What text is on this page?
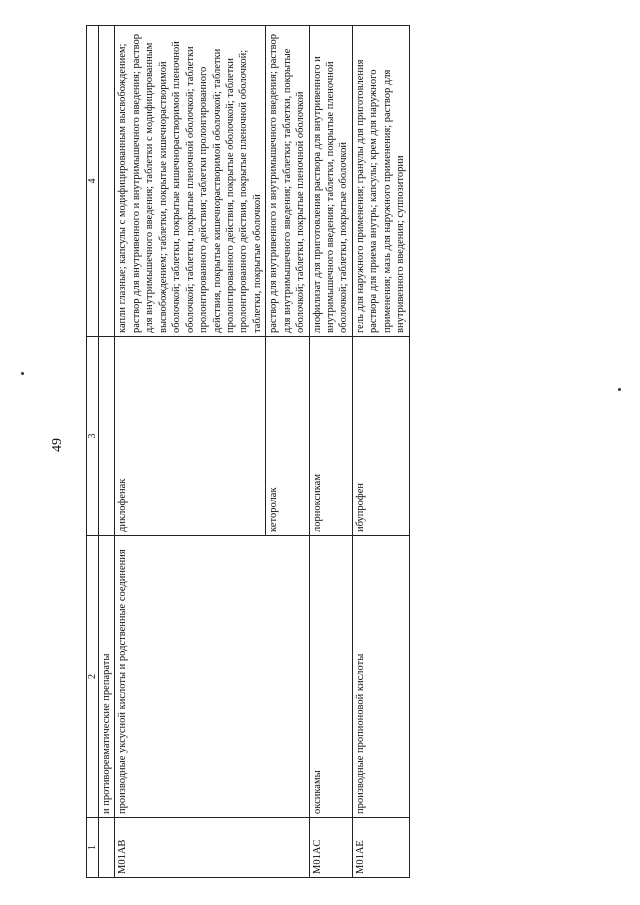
49
1	2	3	4
	и противоревматические препараты		
M01AB	производные уксусной кислоты и родственные соединения	диклофенак	капли глазные; капсулы с модифицированным высвобождением; раствор для внутривенного и внутримышечного введения; раствор для внутримышечного введения; таблетки с модифицированным высвобождением; таблетки, покрытые кишечнорастворимой оболочкой; таблетки, покрытые кишечнорастворимой пленочной оболочкой; таблетки, покрытые пленочной оболочкой; таблетки пролонгированного действия; таблетки пролонгированного действия, покрытые кишечнорастворимой оболочкой; таблетки пролонгированного действия, покрытые оболочкой; таблетки пролонгированного действия, покрытые пленочной оболочкой; таблетки, покрытые оболочкой
		кеторолак	раствор для внутривенного и внутримышечного введения; раствор для внутримышечного введения; таблетки; таблетки, покрытые оболочкой; таблетки, покрытые пленочной оболочкой
M01AC	оксикамы	лорноксикам	лиофилизат для приготовления раствора для внутривенного и внутримышечного введения; таблетки, покрытые пленочной оболочкой; таблетки, покрытые оболочкой
M01AE	производные пропионовой кислоты	ибупрофен	гель для наружного применения; гранулы для приготовления раствора для приема внутрь; капсулы; крем для наружного применения; мазь для наружного применения; раствор для внутривенного введения; суппозитории
